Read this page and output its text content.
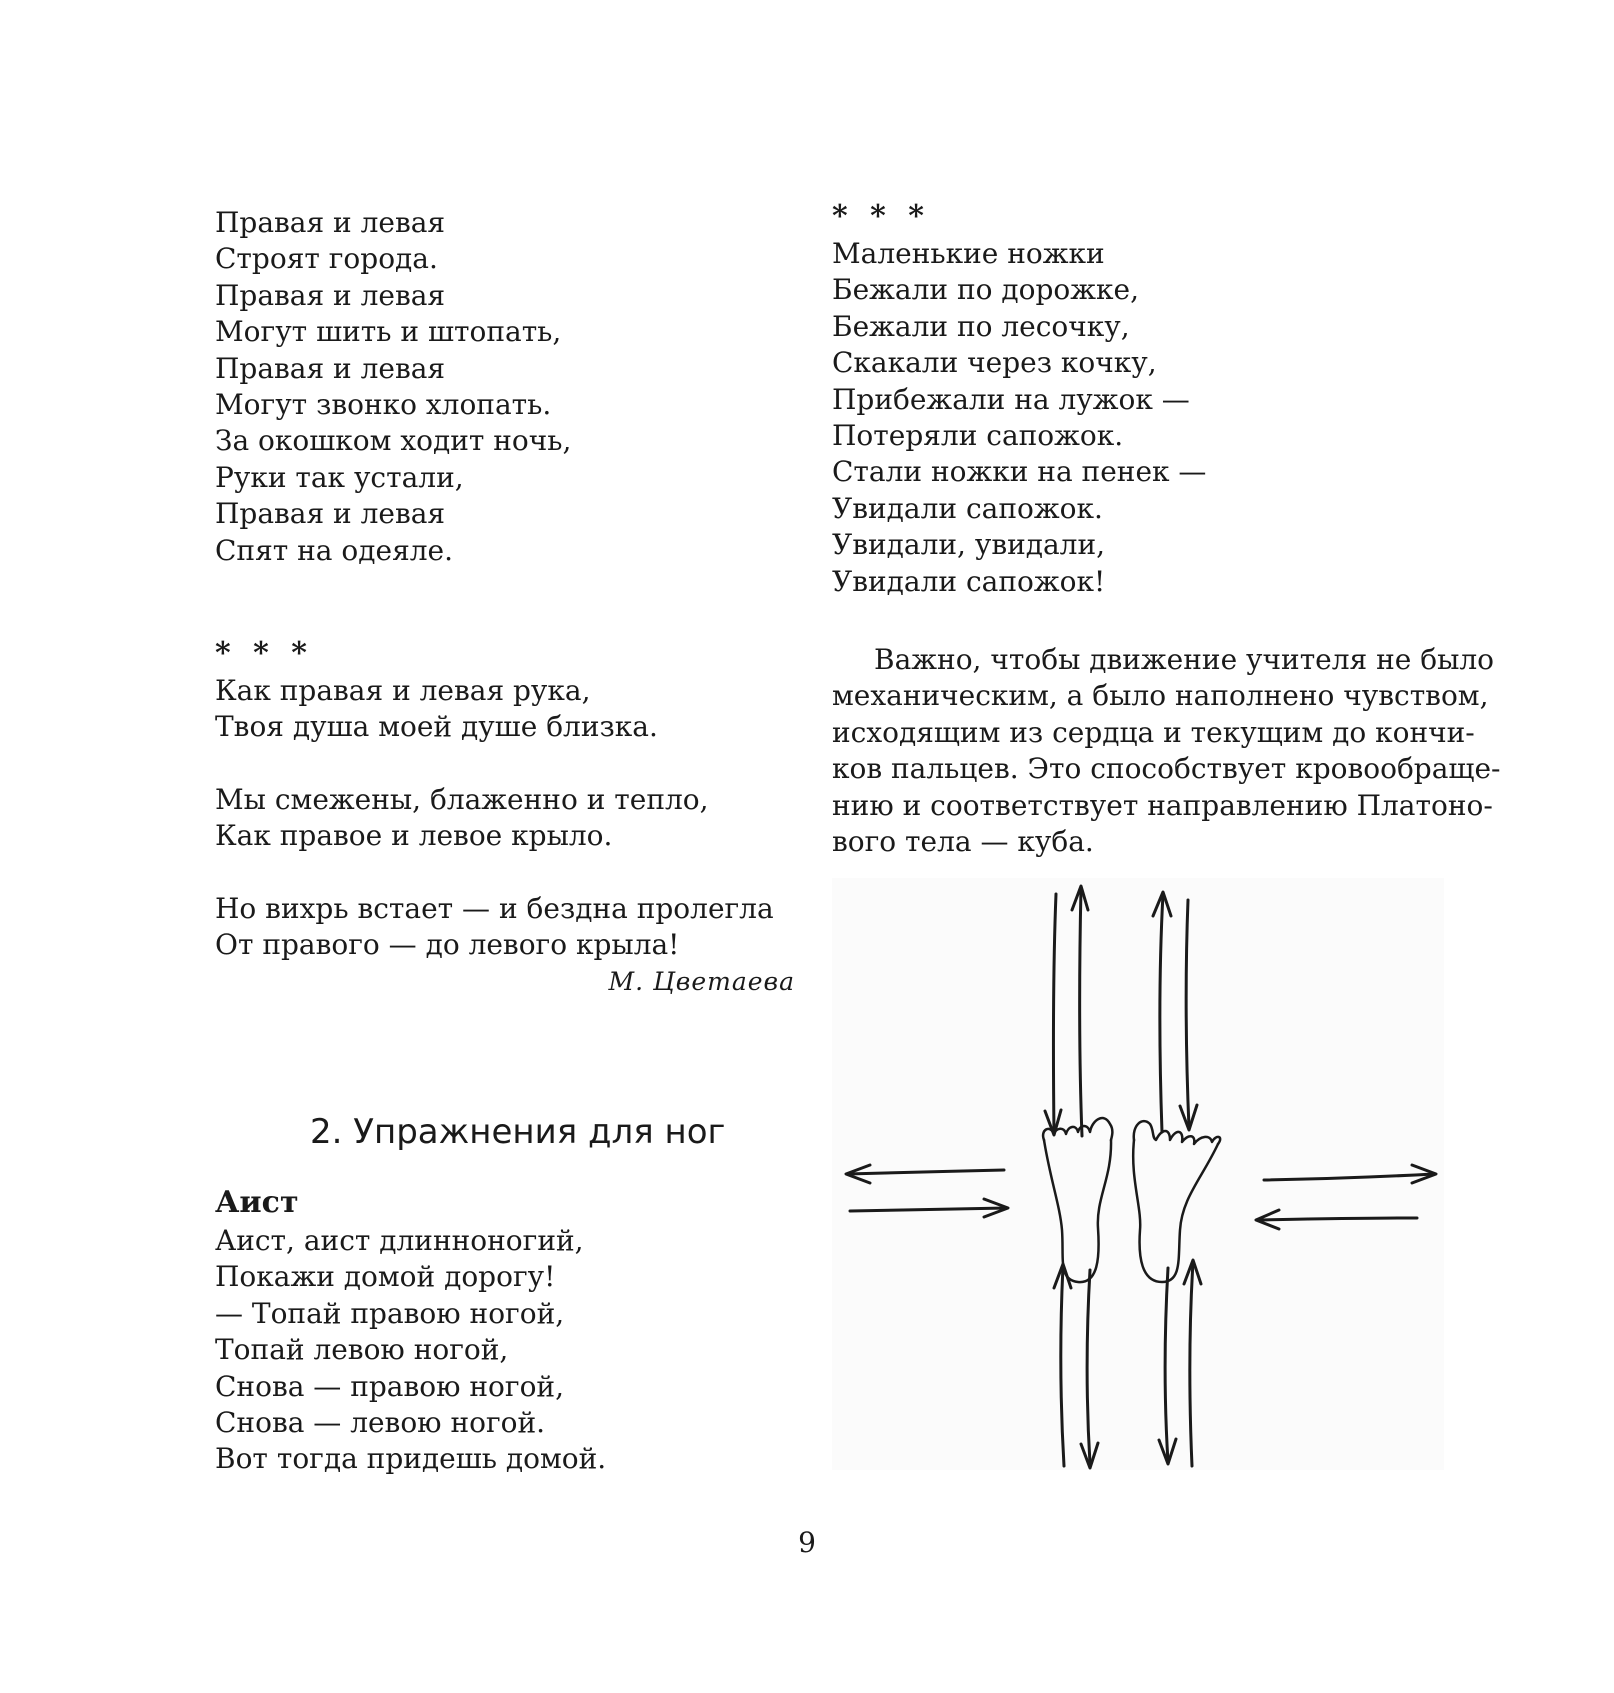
Правая и левая
Строят города.
Правая и левая
Могут шить и штопать,
Правая и левая
Могут звонко хлопать.
За окошком ходит ночь,
Руки так устали,
Правая и левая
Спят на одеяле.
* * *
Как правая и левая рука,
Твоя душа моей душе близка.
Мы смежены, блаженно и тепло,
Как правое и левое крыло.
Но вихрь встает — и бездна пролегла
От правого — до левого крыла!
М. Цветаева
2. Упражнения для ног
Аист
Аист, аист длинноногий,
Покажи домой дорогу!
— Топай правою ногой,
Топай левою ногой,
Снова — правою ногой,
Снова — левою ногой.
Вот тогда придешь домой.
* * *
Маленькие ножки
Бежали по дорожке,
Бежали по лесочку,
Скакали через кочку,
Прибежали на лужок —
Потеряли сапожок.
Стали ножки на пенек —
Увидали сапожок.
Увидали, увидали,
Увидали сапожок!
Важно, чтобы движение учителя не было
механическим, а было наполнено чувством,
исходящим из сердца и текущим до кончи-
ков пальцев. Это способствует кровообраще-
нию и соответствует направлению Платоно-
вого тела — куба.
9
